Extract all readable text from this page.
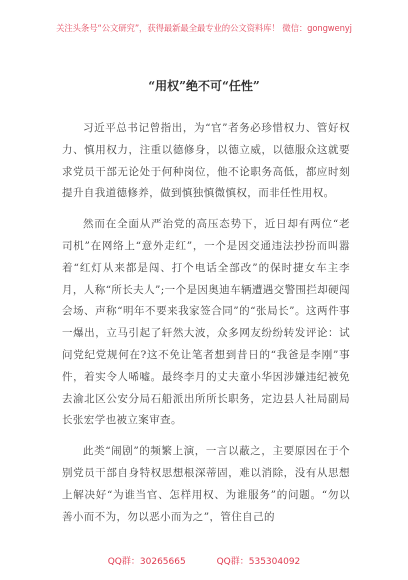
关注头条号“公文研究”，获得最新最全最专业的公文资料库！ 微信：gongwenyj
“用权”绝不可“任性”

习近平总书记曾指出，为“官”者务必珍惜权力、管好权力、慎用权力，注重以德修身，以德立威，以德服众这就要求党员干部无论处于何种岗位，他不论职务高低，都应时刻提升自我道德修养，做到慎独慎微慎权，而非任性用权。

然而在全面从严治党的高压态势下，近日却有两位“老司机”在网络上“意外走红”，一个是因交通违法抄扮而叫嚣着“红灯从来都是闯、打个电话全部改”的保时捷女车主李月，人称“所长夫人”;一个是因奥迪车辆遭遇交警围拦却硬闯会场、声称“明年不要来我家签合同”的“张局长”。这两件事一爆出，立马引起了轩然大波，众多网友纷纷转发评论：试问党纪党规何在?这不免让笔者想到昔日的“我爸是李刚”事件，着实令人唏嘘。最终李月的丈夫童小华因涉嫌违纪被免去渝北区公安分局石船派出所所长职务，定边县人社局副局长张宏学也被立案审查。

此类“闹剧”的频繁上演，一言以蔽之，主要原因在于个别党员干部自身特权思想根深蒂固，难以消除，没有从思想上解决好“为谁当官、怎样用权、为谁服务”的问题。“勿以善小而不为，勿以恶小而为之”，管住自己的

QQ群：30265665	QQ群：535304092
